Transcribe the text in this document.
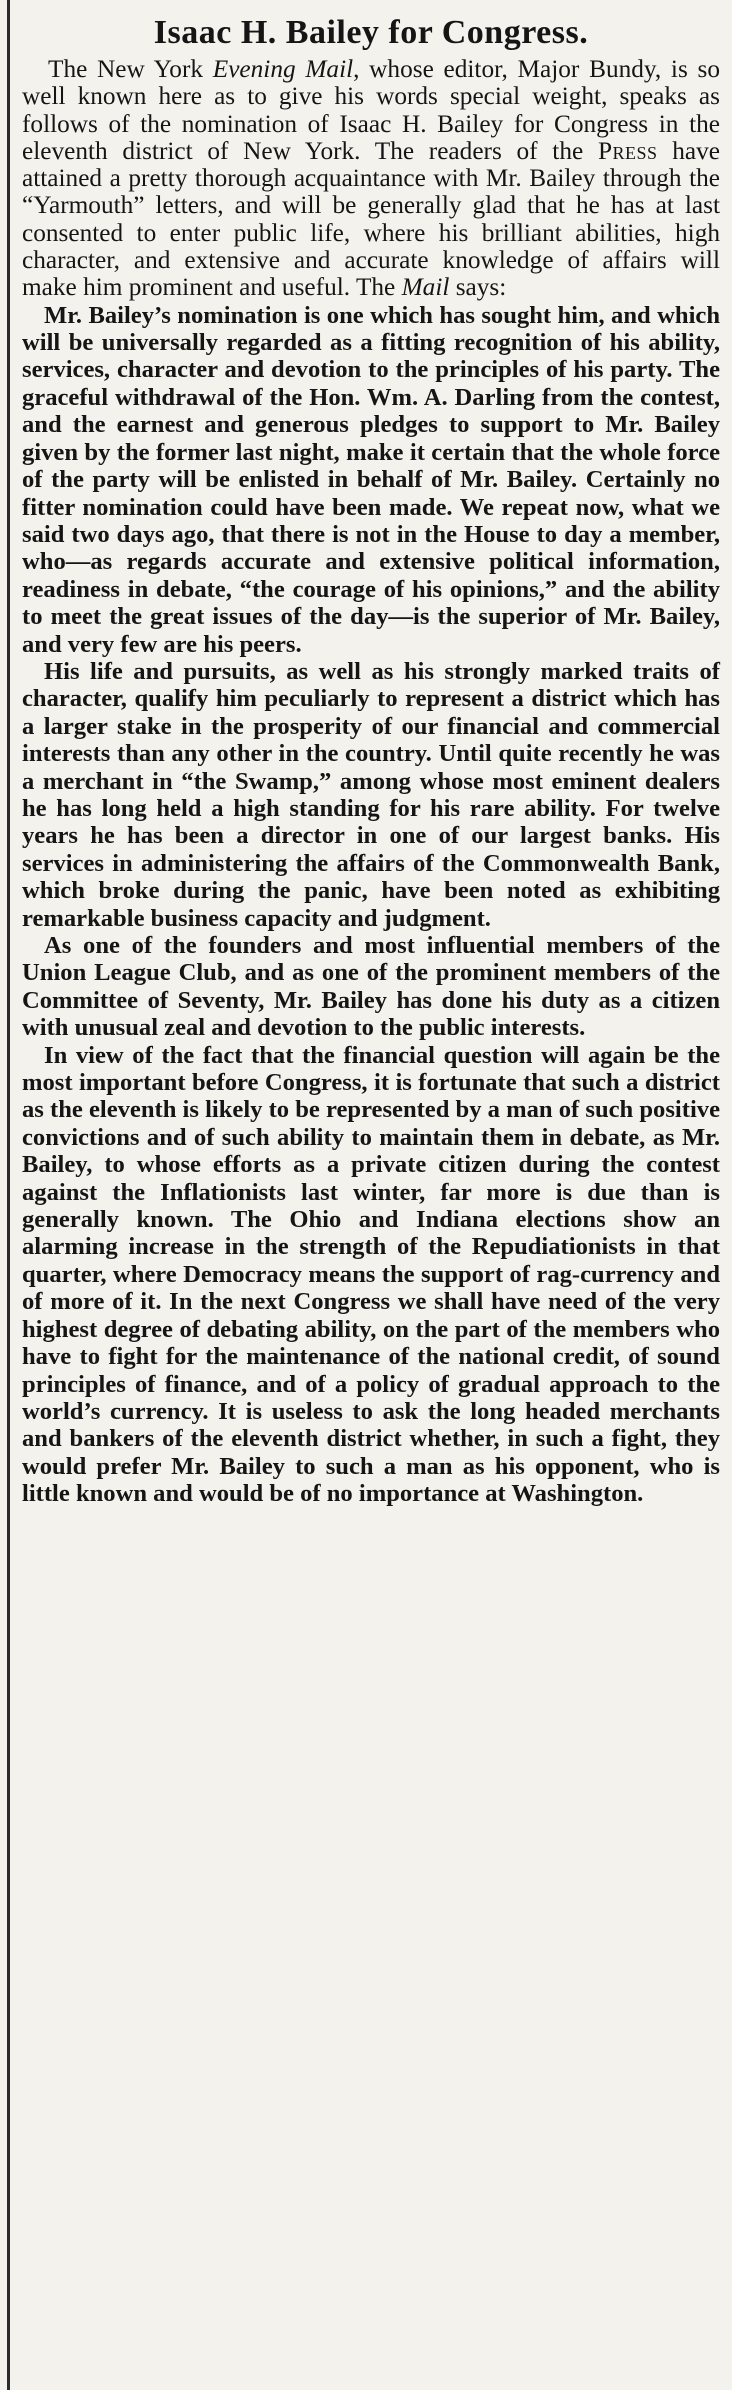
Isaac H. Bailey for Congress.

The New York Evening Mail, whose editor, Major Bundy, is so well known here as to give his words special weight, speaks as follows of the nomination of Isaac H. Bailey for Congress in the eleventh district of New York. The readers of the Press have attained a pretty thorough acquaintance with Mr. Bailey through the “Yarmouth” letters, and will be generally glad that he has at last consented to enter public life, where his brilliant abilities, high character, and extensive and accurate knowledge of affairs will make him prominent and useful. The Mail says:

Mr. Bailey’s nomination is one which has sought him, and which will be universally regarded as a fitting recognition of his ability, services, character and devotion to the principles of his party. The graceful withdrawal of the Hon. Wm. A. Darling from the contest, and the earnest and generous pledges to support to Mr. Bailey given by the former last night, make it certain that the whole force of the party will be enlisted in behalf of Mr. Bailey. Certainly no fitter nomination could have been made. We repeat now, what we said two days ago, that there is not in the House to day a member, who—as regards accurate and extensive political information, readiness in debate, “the courage of his opinions,” and the ability to meet the great issues of the day—is the superior of Mr. Bailey, and very few are his peers.

His life and pursuits, as well as his strongly marked traits of character, qualify him peculiarly to represent a district which has a larger stake in the prosperity of our financial and commercial interests than any other in the country. Until quite recently he was a merchant in “the Swamp,” among whose most eminent dealers he has long held a high standing for his rare ability. For twelve years he has been a director in one of our largest banks. His services in administering the affairs of the Commonwealth Bank, which broke during the panic, have been noted as exhibiting remarkable business capacity and judgment.

As one of the founders and most influential members of the Union League Club, and as one of the prominent members of the Committee of Seventy, Mr. Bailey has done his duty as a citizen with unusual zeal and devotion to the public interests.

In view of the fact that the financial question will again be the most important before Congress, it is fortunate that such a district as the eleventh is likely to be represented by a man of such positive convictions and of such ability to maintain them in debate, as Mr. Bailey, to whose efforts as a private citizen during the contest against the Inflationists last winter, far more is due than is generally known. The Ohio and Indiana elections show an alarming increase in the strength of the Repudiationists in that quarter, where Democracy means the support of rag-currency and of more of it. In the next Congress we shall have need of the very highest degree of debating ability, on the part of the members who have to fight for the maintenance of the national credit, of sound principles of finance, and of a policy of gradual approach to the world’s currency. It is useless to ask the long headed merchants and bankers of the eleventh district whether, in such a fight, they would prefer Mr. Bailey to such a man as his opponent, who is little known and would be of no importance at Washington.
